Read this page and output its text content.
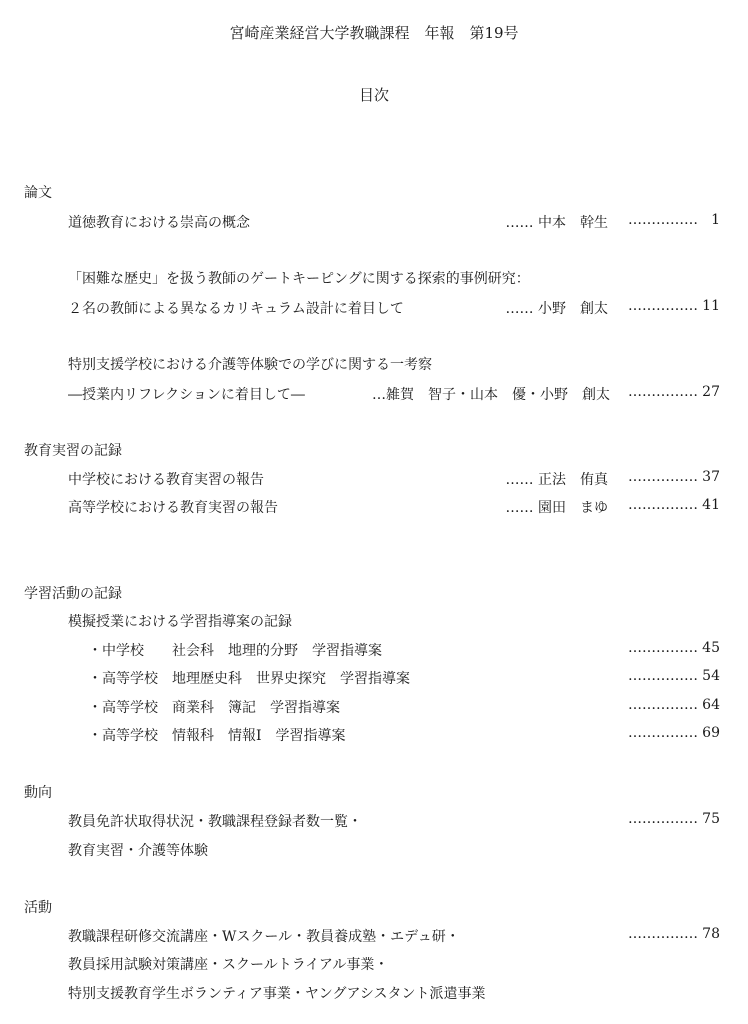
宮崎産業経営大学教職課程　年報　第19号
目次
論文
道徳教育における崇高の概念	…… 中本　幹生 …………… 1
「困難な歴史」を扱う教師のゲートキーピングに関する探索的事例研究：
２名の教師による異なるカリキュラム設計に着目して	…… 小野　創太 …………… 11
特別支援学校における介護等体験での学びに関する一考察
―授業内リフレクションに着目して―	…雑賀　智子・山本　優・小野　創太 …………… 27
教育実習の記録
中学校における教育実習の報告	…… 正法　侑真 …………… 37
高等学校における教育実習の報告	…… 園田　まゆ …………… 41
学習活動の記録
模擬授業における学習指導案の記録
・中学校　　社会科　地理的分野　学習指導案	…………… 45
・高等学校　地理歴史科　世界史探究　学習指導案	…………… 54
・高等学校　商業科　簿記　学習指導案	…………… 64
・高等学校　情報科　情報Ⅰ　学習指導案	…………… 69
動向
教員免許状取得状況・教職課程登録者数一覧・	…………… 75
教育実習・介護等体験
活動
教職課程研修交流講座・Wスクール・教員養成塾・エデュ研・	…………… 78
教員採用試験対策講座・スクールトライアル事業・
特別支援教育学生ボランティア事業・ヤングアシスタント派遣事業
